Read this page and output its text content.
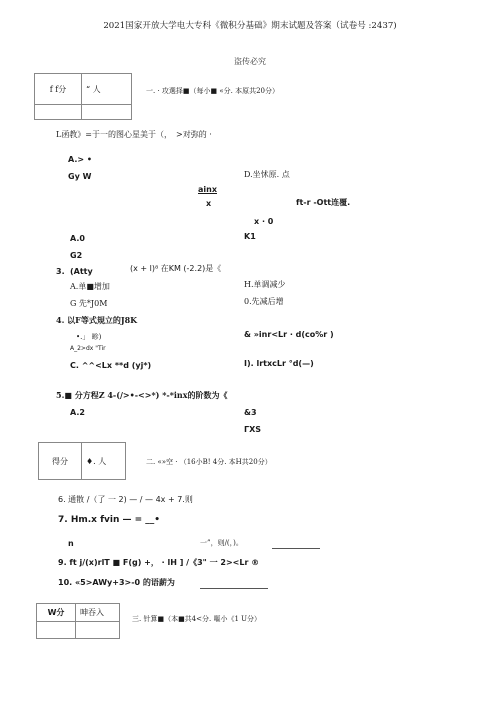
2021国家开放大学电大专科《微积分基础》期末试题及答案（试卷号 :2437)
盗传必究
f f分	“ 人
		一. · 攻選择■（每小■ «分. 本原共20分）
L函教》=于一的图心星美于（，　>对弥的 ·
A.> •
Gy W	D.坐怵原. 点
ainx
x	ft-r -Ott连覆.
x · 0
A.0	K1
G2
3. (Atty	(x + l)⁸ 在KM (-2.2)是《
A.单■增加	H.单调减少
G 先*J0M	0.先减后增
4. 以F等式規立的J8K
•.」 畛)
A_2>dx "Tir
& »inr<Lr · d(co%r )
C. ^^<Lx **d (yj*)	I). lrtxcLr °d(—)
5.■ 分方程Z 4-(/>•-<>*) *-*inx的阶数为《
A.2	&3
ΓXS
得分	♦. 人	二. «»空 · （16小B! 4分. 本H共20分）
6. 通散 /（了 一 2) — / — 4x + 7.则
7. Hm.x fvin — = __•
n	一”，则/(，)。
9. ft j/(x)rlT ■ F(g) +， · lH ] /《3" 一 2><Lr ®
10. «5>AWy+3>-0 的语薪为
W分	呻吞入

三. 针算■（本■共4<分. 嘔小《1 U分）
